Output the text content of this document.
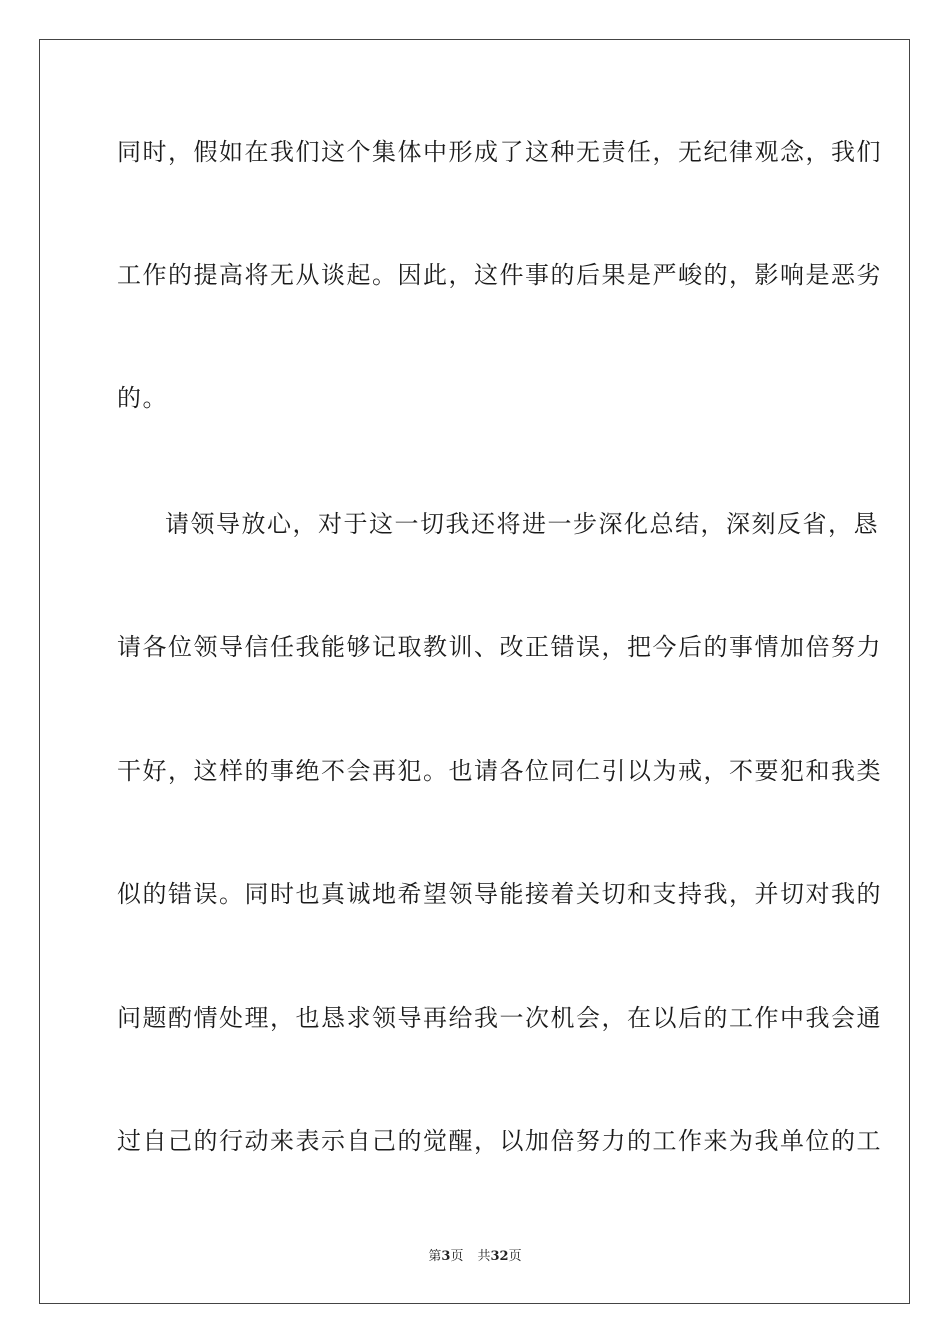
同时，假如在我们这个集体中形成了这种无责任，无纪律观念，我们
工作的提高将无从谈起。因此，这件事的后果是严峻的，影响是恶劣
的。
请领导放心，对于这一切我还将进一步深化总结，深刻反省，恳
请各位领导信任我能够记取教训、改正错误，把今后的事情加倍努力
干好，这样的事绝不会再犯。也请各位同仁引以为戒，不要犯和我类
似的错误。同时也真诚地希望领导能接着关切和支持我，并切对我的
问题酌情处理，也恳求领导再给我一次机会，在以后的工作中我会通
过自己的行动来表示自己的觉醒，以加倍努力的工作来为我单位的工
第3页 共32页
